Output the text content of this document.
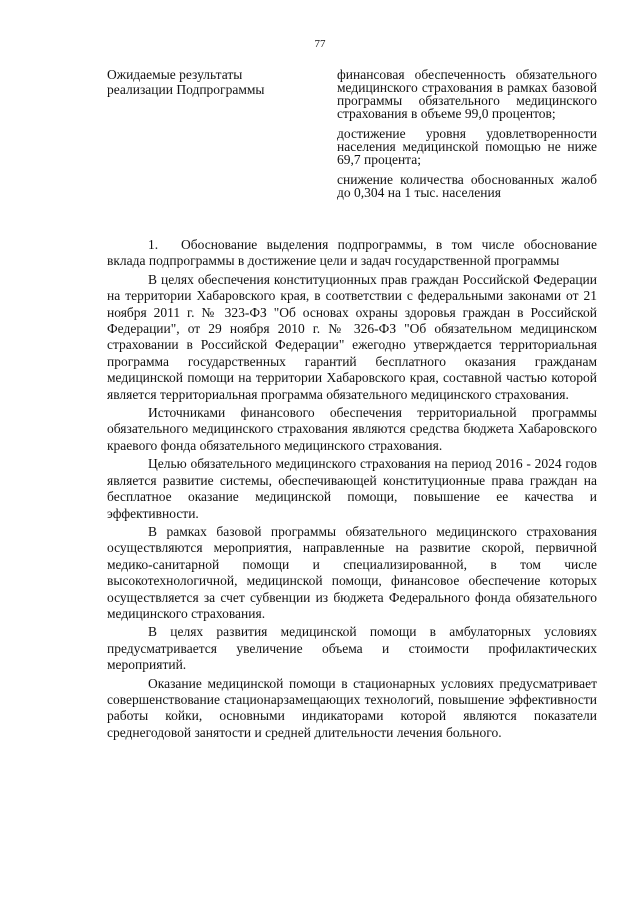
77
Ожидаемые результаты реализации Подпрограммы
финансовая обеспеченность обязательного медицинского страхования в рамках базовой программы обязательного медицинского страхования в объеме 99,0 процентов;
достижение уровня удовлетворенности населения медицинской помощью не ниже 69,7 процента;
снижение количества обоснованных жалоб до 0,304 на 1 тыс. населения

1. Обоснование выделения подпрограммы, в том числе обоснование вклада подпрограммы в достижение цели и задач государственной программы

В целях обеспечения конституционных прав граждан Российской Федерации на территории Хабаровского края, в соответствии с федеральными законами от 21 ноября 2011 г. № 323-ФЗ "Об основах охраны здоровья граждан в Российской Федерации", от 29 ноября 2010 г. № 326-ФЗ "Об обязательном медицинском страховании в Российской Федерации" ежегодно утверждается территориальная программа государственных гарантий бесплатного оказания гражданам медицинской помощи на территории Хабаровского края, составной частью которой является территориальная программа обязательного медицинского страхования.

Источниками финансового обеспечения территориальной программы обязательного медицинского страхования являются средства бюджета Хабаровского краевого фонда обязательного медицинского страхования.

Целью обязательного медицинского страхования на период 2016 - 2024 годов является развитие системы, обеспечивающей конституционные права граждан на бесплатное оказание медицинской помощи, повышение ее качества и эффективности.

В рамках базовой программы обязательного медицинского страхования осуществляются мероприятия, направленные на развитие скорой, первичной медико-санитарной помощи и специализированной, в том числе высокотехнологичной, медицинской помощи, финансовое обеспечение которых осуществляется за счет субвенции из бюджета Федерального фонда обязательного медицинского страхования.

В целях развития медицинской помощи в амбулаторных условиях предусматривается увеличение объема и стоимости профилактических мероприятий.

Оказание медицинской помощи в стационарных условиях предусматривает совершенствование стационарзамещающих технологий, повышение эффективности работы койки, основными индикаторами которой являются показатели среднегодовой занятости и средней длительности лечения больного.
